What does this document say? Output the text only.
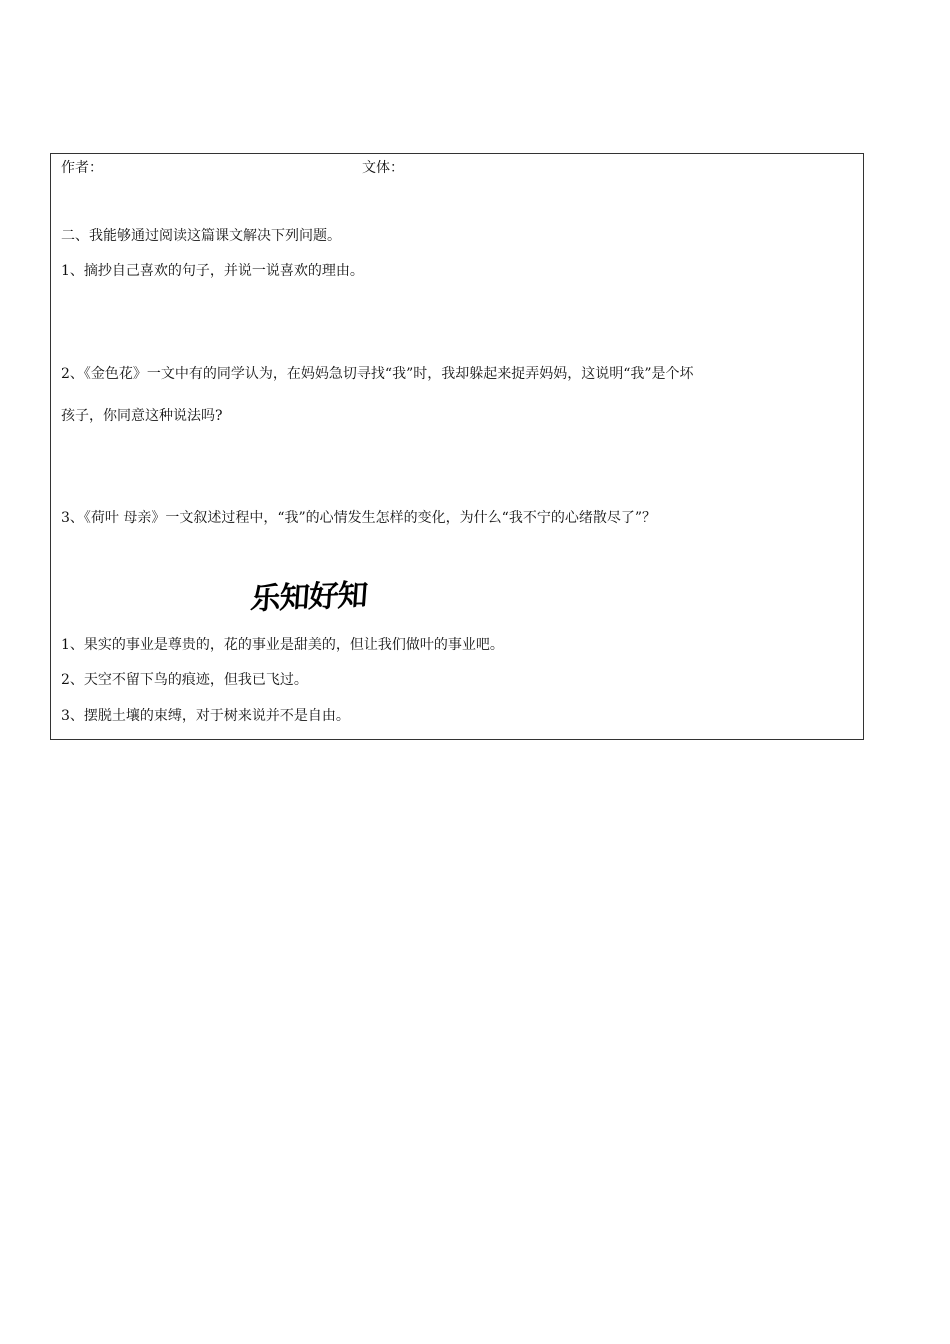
作者：	文体：
二、我能够通过阅读这篇课文解决下列问题。
1、摘抄自己喜欢的句子，并说一说喜欢的理由。
2、《金色花》一文中有的同学认为，在妈妈急切寻找“我”时，我却躲起来捉弄妈妈，这说明“我”是个坏
孩子，你同意这种说法吗?
3、《荷叶 母亲》一文叙述过程中，“我”的心情发生怎样的变化，为什么“我不宁的心绪散尽了”？
乐知好知
1、果实的事业是尊贵的，花的事业是甜美的，但让我们做叶的事业吧。
2、天空不留下鸟的痕迹，但我已飞过。
3、摆脱土壤的束缚，对于树来说并不是自由。
